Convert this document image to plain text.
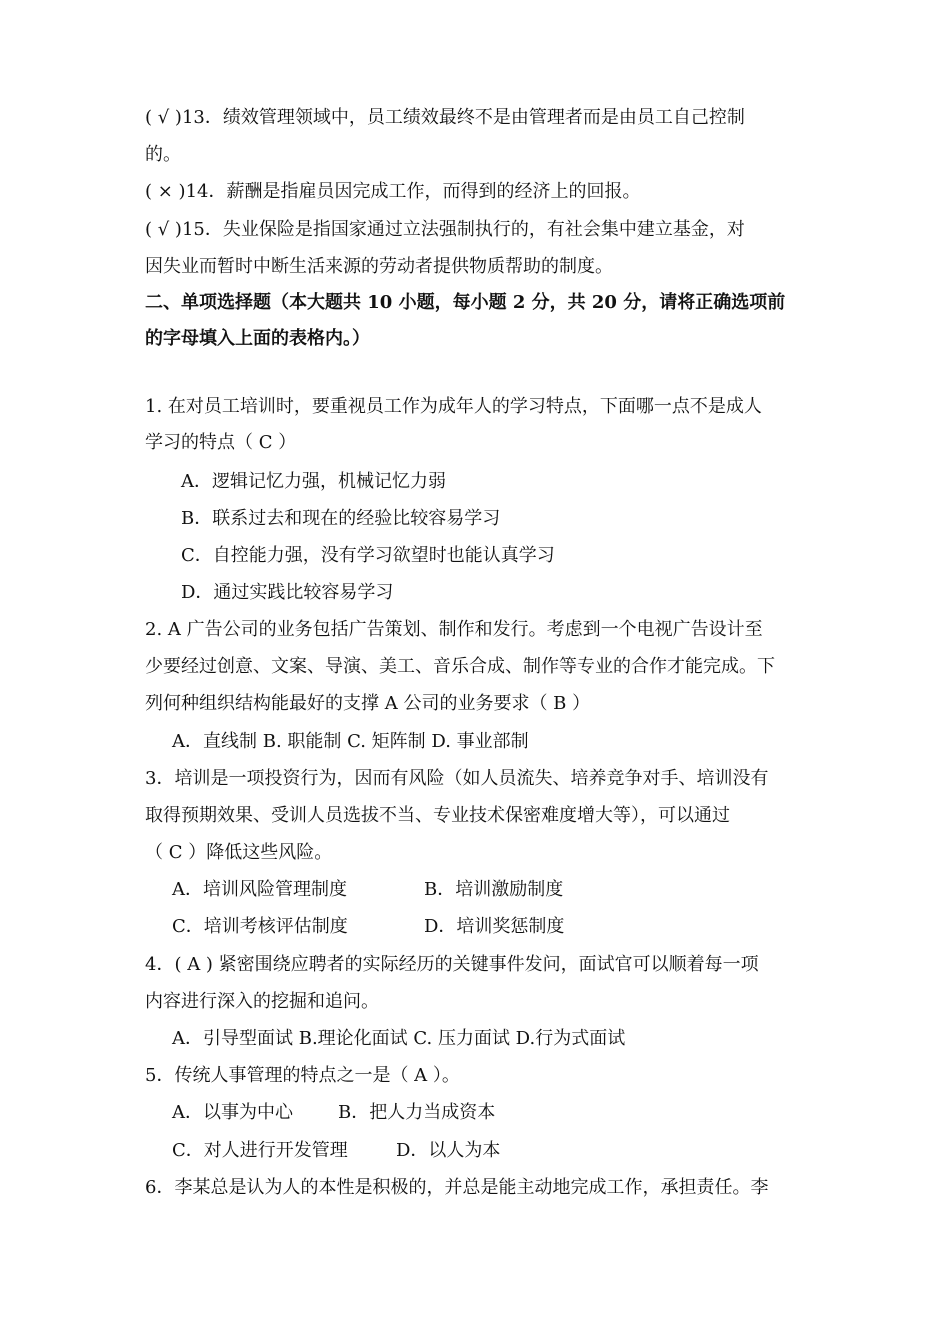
( √ )13．绩效管理领域中，员工绩效最终不是由管理者而是由员工自己控制
的。
( × )14．薪酬是指雇员因完成工作，而得到的经济上的回报。
( √ )15．失业保险是指国家通过立法强制执行的，有社会集中建立基金，对
因失业而暂时中断生活来源的劳动者提供物质帮助的制度。
二、单项选择题（本大题共 10 小题，每小题 2 分，共 20 分，请将正确选项前
的字母填入上面的表格内。）
1. 在对员工培训时，要重视员工作为成年人的学习特点，下面哪一点不是成人
学习的特点（ C ）
A．逻辑记忆力强，机械记忆力弱
B．联系过去和现在的经验比较容易学习
C．自控能力强，没有学习欲望时也能认真学习
D．通过实践比较容易学习
2. A 广告公司的业务包括广告策划、制作和发行。考虑到一个电视广告设计至
少要经过创意、文案、导演、美工、音乐合成、制作等专业的合作才能完成。下
列何种组织结构能最好的支撑 A 公司的业务要求（ B ）
A．直线制 B. 职能制 C. 矩阵制 D. 事业部制
3．培训是一项投资行为，因而有风险（如人员流失、培养竞争对手、培训没有
取得预期效果、受训人员选拔不当、专业技术保密难度增大等），可以通过
（ C ）降低这些风险。
A．培训风险管理制度	B．培训激励制度
C．培训考核评估制度	D．培训奖惩制度
4．( A ) 紧密围绕应聘者的实际经历的关键事件发问，面试官可以顺着每一项
内容进行深入的挖掘和追问。
A．引导型面试 B.理论化面试 C. 压力面试 D.行为式面试
5．传统人事管理的特点之一是（ A ）。
A．以事为中心	B．把人力当成资本
C．对人进行开发管理	D．以人为本
6．李某总是认为人的本性是积极的，并总是能主动地完成工作，承担责任。李
